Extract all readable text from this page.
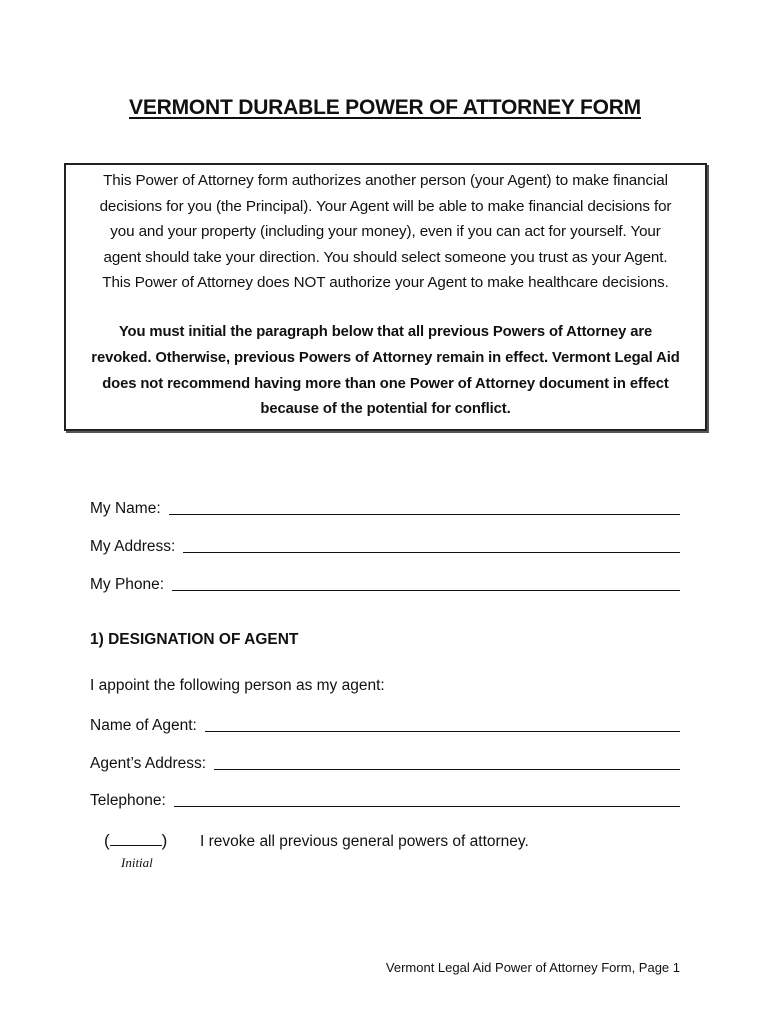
VERMONT DURABLE POWER OF ATTORNEY FORM
This Power of Attorney form authorizes another person (your Agent) to make financial
decisions for you (the Principal). Your Agent will be able to make financial decisions for
you and your property (including your money), even if you can act for yourself. Your
agent should take your direction. You should select someone you trust as your Agent.
This Power of Attorney does NOT authorize your Agent to make healthcare decisions.
You must initial the paragraph below that all previous Powers of Attorney are
revoked. Otherwise, previous Powers of Attorney remain in effect. Vermont Legal Aid
does not recommend having more than one Power of Attorney document in effect
because of the potential for conflict.
My Name:
My Address:
My Phone:
1) DESIGNATION OF AGENT
I appoint the following person as my agent:
Name of Agent:
Agent’s Address:
Telephone:
(	)
Initial
I revoke all previous general powers of attorney.
Vermont Legal Aid Power of Attorney Form, Page 1
